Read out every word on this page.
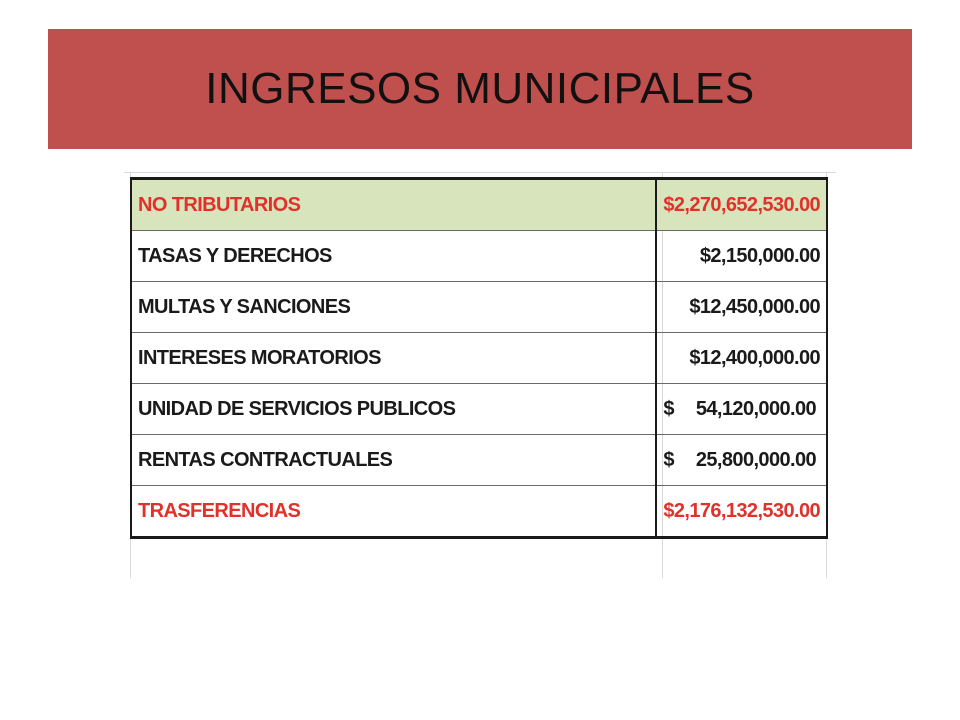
INGRESOS MUNICIPALES
NO TRIBUTARIOS	$2,270,652,530.00
TASAS Y DERECHOS	$2,150,000.00
MULTAS Y SANCIONES	$12,450,000.00
INTERESES MORATORIOS	$12,400,000.00
UNIDAD DE SERVICIOS PUBLICOS	$ 54,120,000.00

RENTAS CONTRACTUALES	$ 25,800,000.00

TRASFERENCIAS	$2,176,132,530.00
